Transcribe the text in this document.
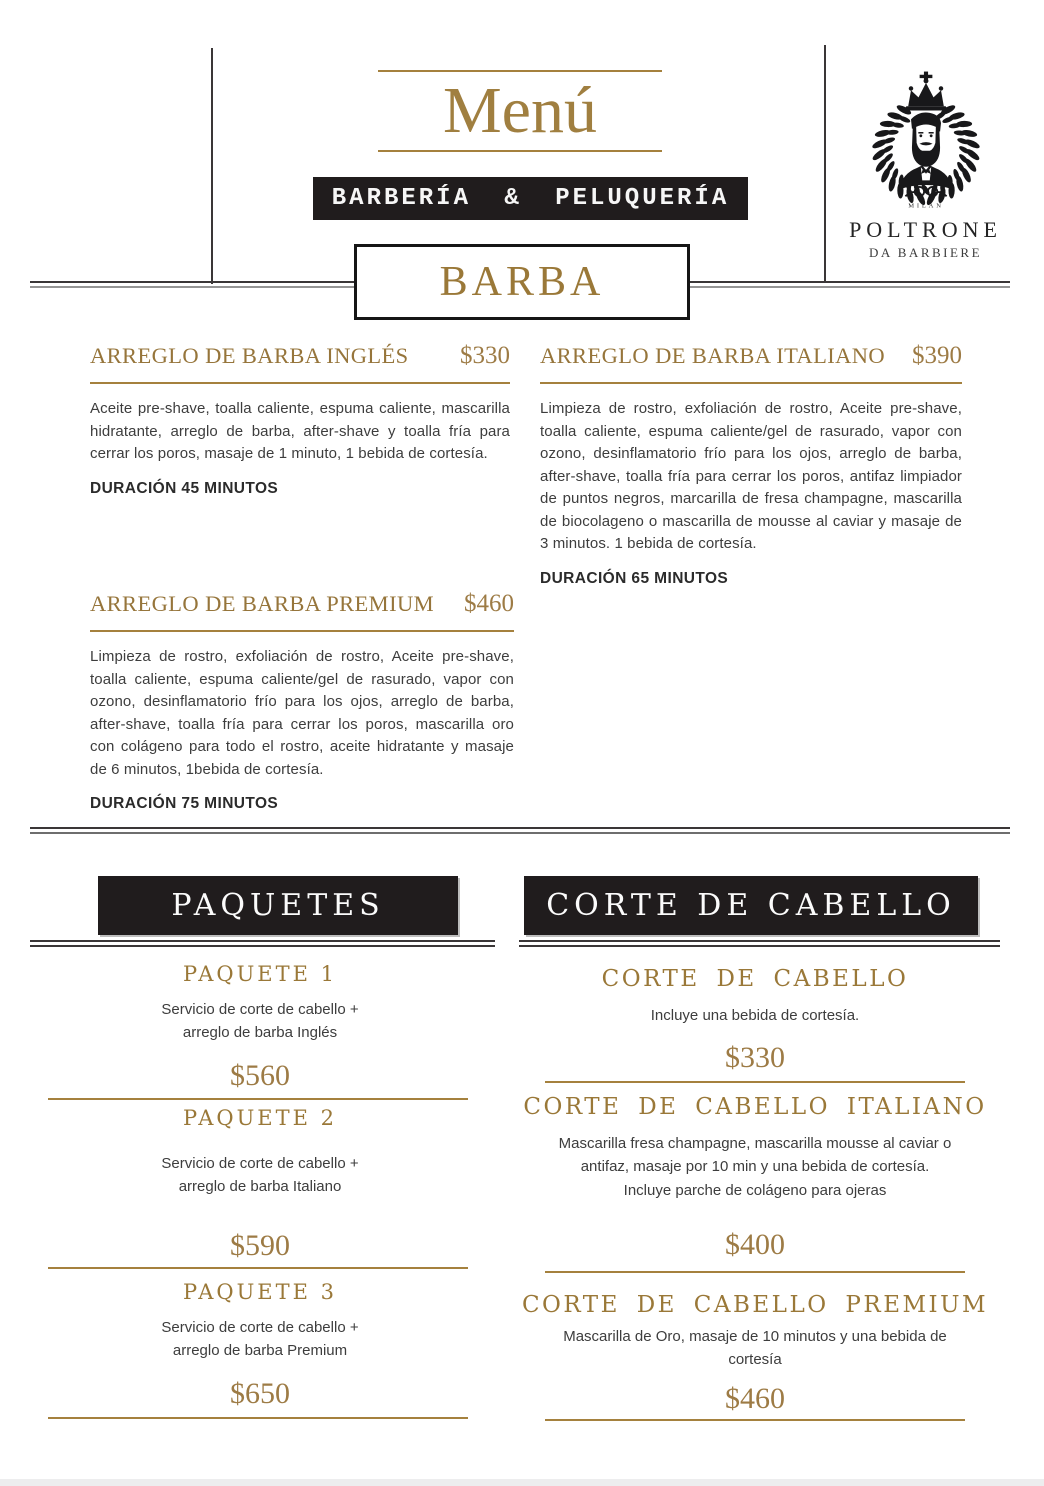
Menú
BARBERÍA & PELUQUERÍA	MILAN
POLTRONE
DA BARBIERE
BARBA
ARREGLO DE BARBA INGLÉS $330

Aceite pre-shave, toalla caliente, espuma caliente, mascarilla hidratante, arreglo de barba, after-shave y toalla fría para cerrar los poros, masaje de 1 minuto, 1 bebida de cortesía.

DURACIÓN 45 MINUTOS

ARREGLO DE BARBA ITALIANO $390

Limpieza de rostro, exfoliación de rostro, Aceite pre-shave, toalla caliente, espuma caliente/gel de rasurado, vapor con ozono, desinflamatorio frío para los ojos, arreglo de barba, after-shave, toalla fría para cerrar los poros, antifaz limpiador de puntos negros, marcarilla de fresa champagne, mascarilla de biocolageno o mascarilla de mousse al caviar y masaje de 3 minutos. 1 bebida de cortesía.

DURACIÓN 65 MINUTOS

ARREGLO DE BARBA PREMIUM $460

Limpieza de rostro, exfoliación de rostro, Aceite pre-shave, toalla caliente, espuma caliente/gel de rasurado, vapor con ozono, desinflamatorio frío para los ojos, arreglo de barba, after-shave, toalla fría para cerrar los poros, mascarilla oro con colágeno para todo el rostro, aceite hidratante y masaje de 6 minutos, 1bebida de cortesía.

DURACIÓN 75 MINUTOS

PAQUETES	CORTE DE CABELLO
PAQUETE 1
Servicio de corte de cabello +
arreglo de barba Inglés
$560
PAQUETE 2
Servicio de corte de cabello +
arreglo de barba Italiano
$590
PAQUETE 3
Servicio de corte de cabello +
arreglo de barba Premium
$650
CORTE DE CABELLO
Incluye una bebida de cortesía.
$330
CORTE DE CABELLO ITALIANO
Mascarilla fresa champagne, mascarilla mousse al caviar o
antifaz, masaje por 10 min y una bebida de cortesía.
Incluye parche de colágeno para ojeras
$400
CORTE DE CABELLO PREMIUM
Mascarilla de Oro, masaje de 10 minutos y una bebida de
cortesía
$460
